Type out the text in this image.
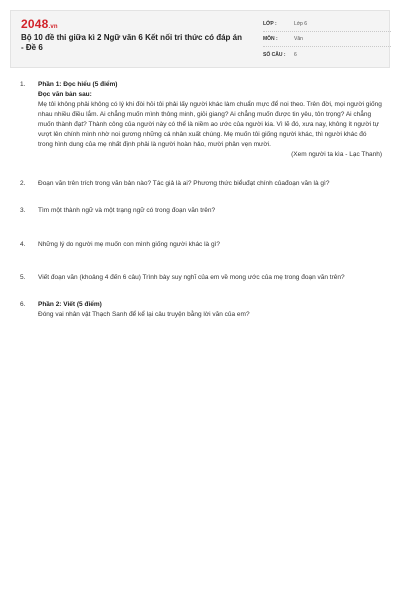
2048.vn
Bộ 10 đề thi giữa kì 2 Ngữ văn 6 Kết nối tri thức có đáp án - Đề 6
LỚP :	Lớp 6
MÔN :	Văn
SỐ CÂU :	6
1.	Phần 1: Đọc hiểu (5 điểm)
Đọc văn bản sau:
Mẹ tôi không phải không có lý khi đòi hỏi tôi phải lấy người khác làm chuẩn mực để noi theo. Trên đời, mọi người giống nhau nhiều điều lắm. Ai chẳng muốn mình thông minh, giỏi giang? Ai chẳng muốn được tin yêu, tôn trọng? Ai chẳng muốn thành đạt? Thành công của người này có thể là niềm ao ước của người kia. Vì lẽ đó, xưa nay, không ít người tự vượt lên chính mình nhờ noi gương những cá nhân xuất chúng. Mẹ muốn tôi giống người khác, thì người khác đó trong hình dung của mẹ nhất định phải là người hoàn hảo, mười phân vẹn mười.
(Xem người ta kìa - Lạc Thanh)
2.	Đoạn văn trên trích trong văn bản nào? Tác giả là ai? Phương thức biểuđạt chính củađoạn văn là gì?
3.	Tìm một thành ngữ và một trạng ngữ có trong đoạn văn trên?
4.	Những lý do người mẹ muốn con mình giống người khác là gì?
5.	Viết đoạn văn (khoảng 4 đến 6 câu) Trình bày suy nghĩ của em về mong ước của mẹ trong đoạn văn trên?
6.	Phần 2: Viết (5 điểm)
Đóng vai nhân vật Thạch Sanh để kể lại câu truyện bằng lời văn của em?
